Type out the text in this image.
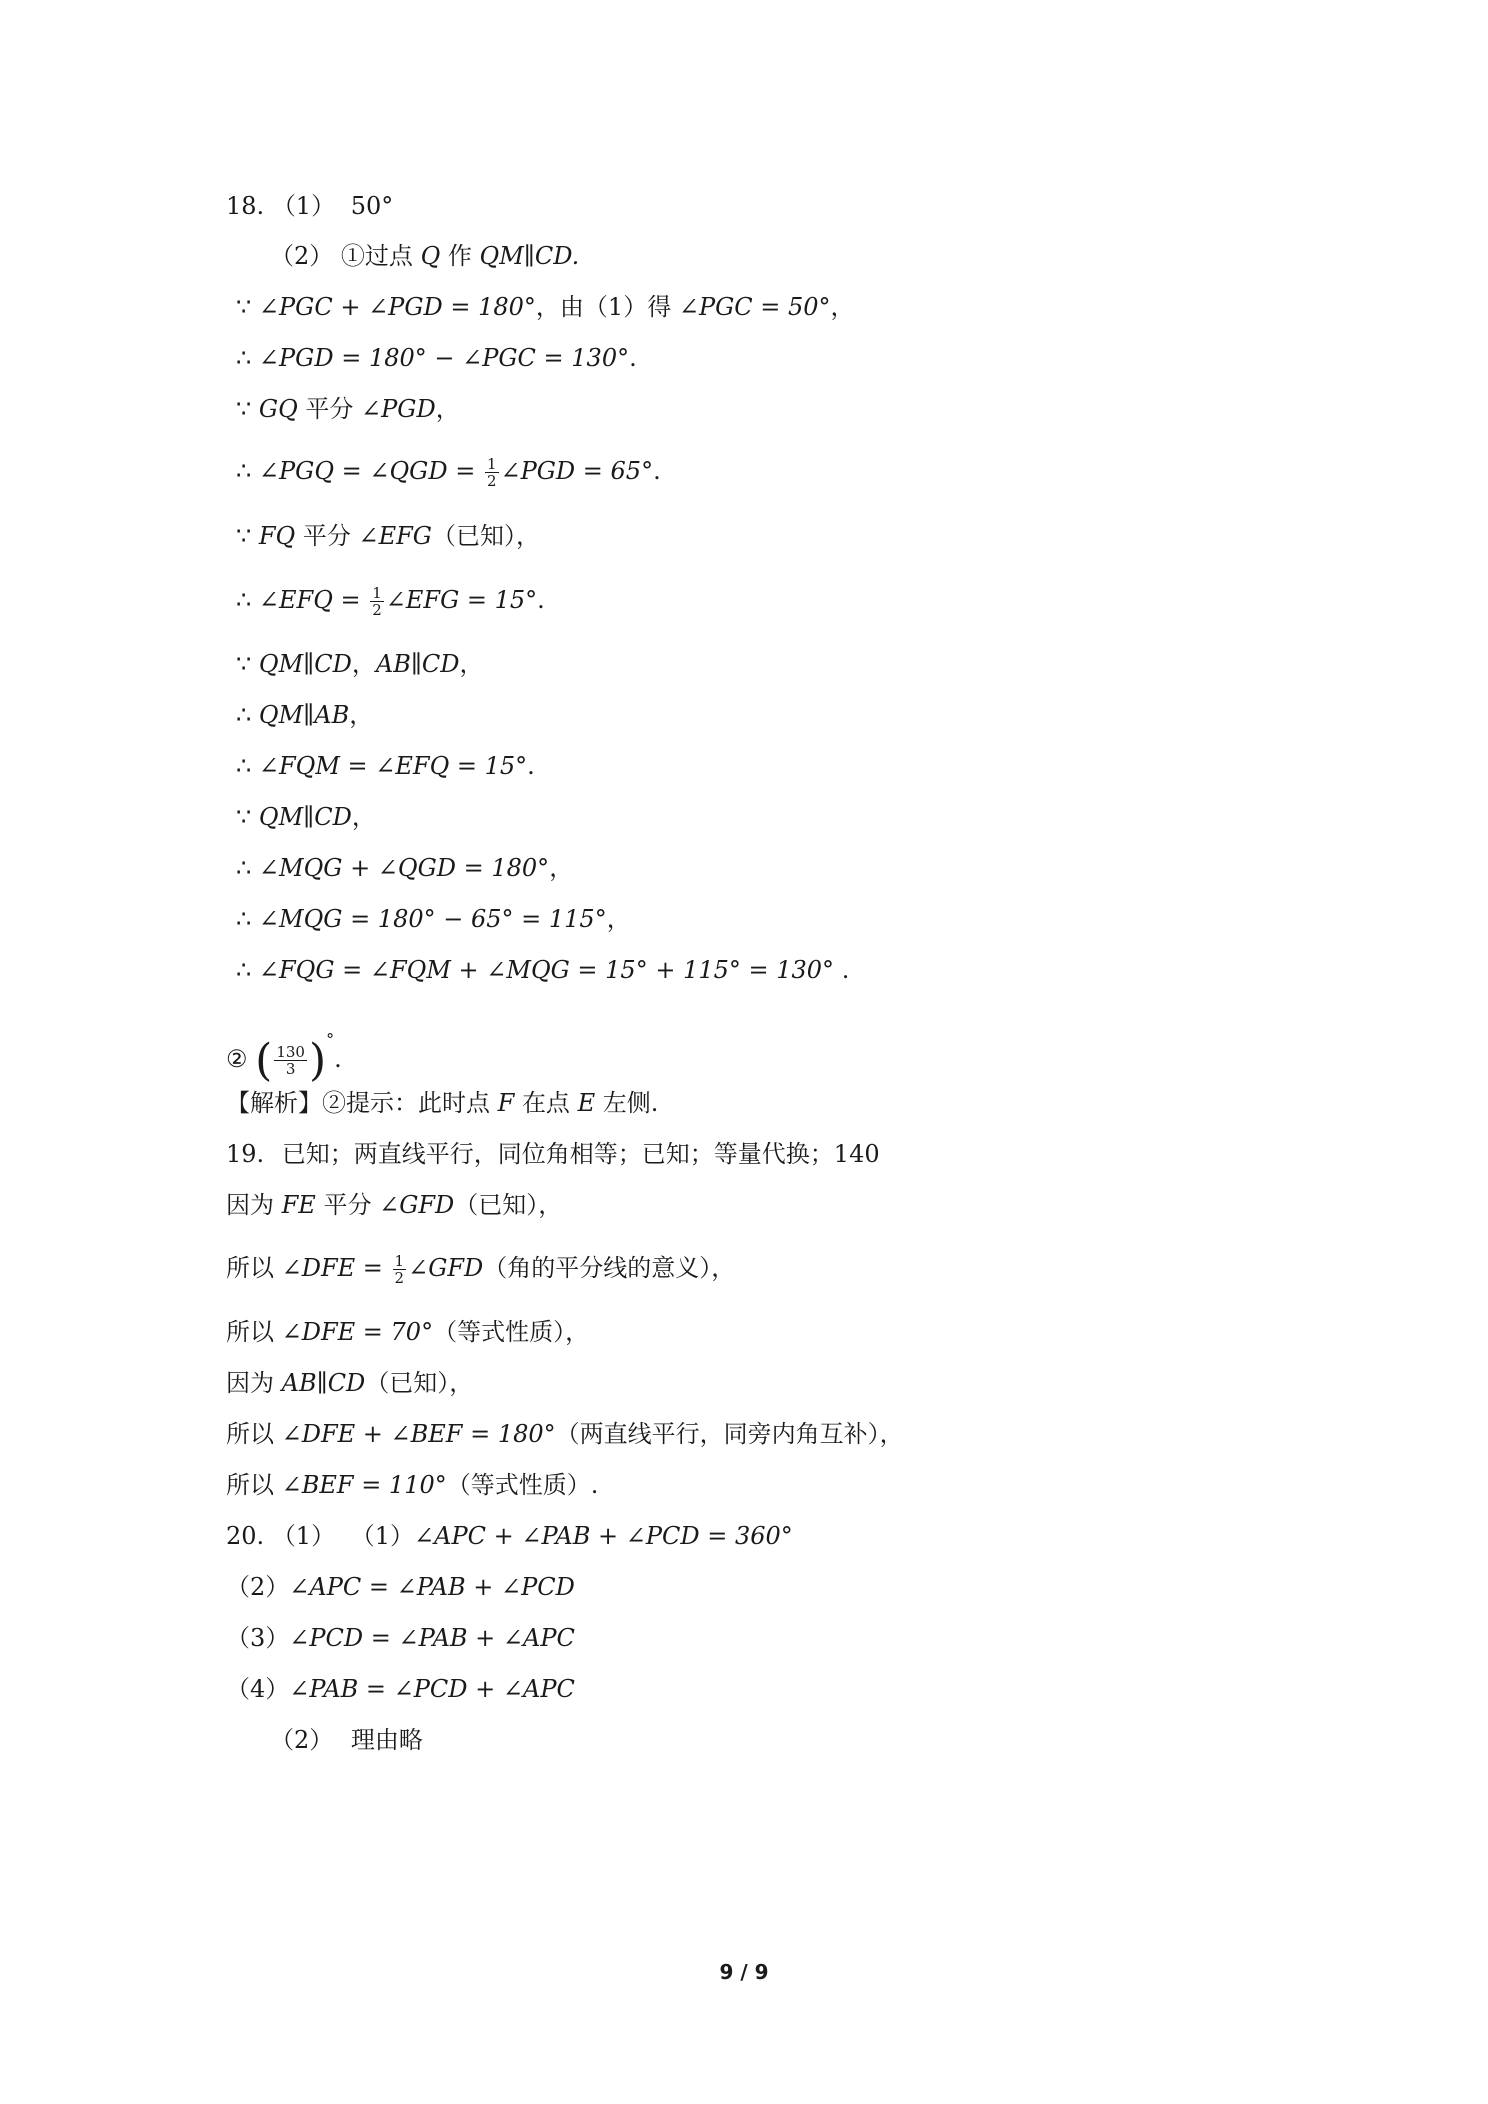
18. （1） 50°
（2） ①过点 Q 作 QM∥CD.
∵ ∠PGC + ∠PGD = 180°，由（1）得 ∠PGC = 50°，
∴ ∠PGD = 180° − ∠PGC = 130°.
∵ GQ 平分 ∠PGD，
∴ ∠PGQ = ∠QGD = $\frac{1}{2}$ ∠PGD = 65°.
∵ FQ 平分 ∠EFG（已知），
∴ ∠EFQ = $\frac{1}{2}$ ∠EFG = 15°.
∵ QM∥CD，AB∥CD，
∴ QM∥AB，
∴ ∠FQM = ∠EFQ = 15°.
∵ QM∥CD，
∴ ∠MQG + ∠QGD = 180°，
∴ ∠MQG = 180° − 65° = 115°，
∴ ∠FQG = ∠FQM + ∠MQG = 15° + 115° = 130° .
② ( $\frac{130}{3} )^\circ$.
【解析】②提示：此时点 F 在点 E 左侧.
19. 已知；两直线平行，同位角相等；已知；等量代换；140
因为 FE 平分 ∠GFD（已知），
所以 ∠DFE = $\frac{1}{2}$ ∠GFD（角的平分线的意义），
所以 ∠DFE = 70°（等式性质），
因为 AB∥CD（已知），
所以 ∠DFE + ∠BEF = 180°（两直线平行，同旁内角互补），
所以 ∠BEF = 110°（等式性质）.
20. （1） （1）∠APC + ∠PAB + ∠PCD = 360°
（2）∠APC = ∠PAB + ∠PCD
（3）∠PCD = ∠PAB + ∠APC
（4）∠PAB = ∠PCD + ∠APC
（2） 理由略
9 / 9
